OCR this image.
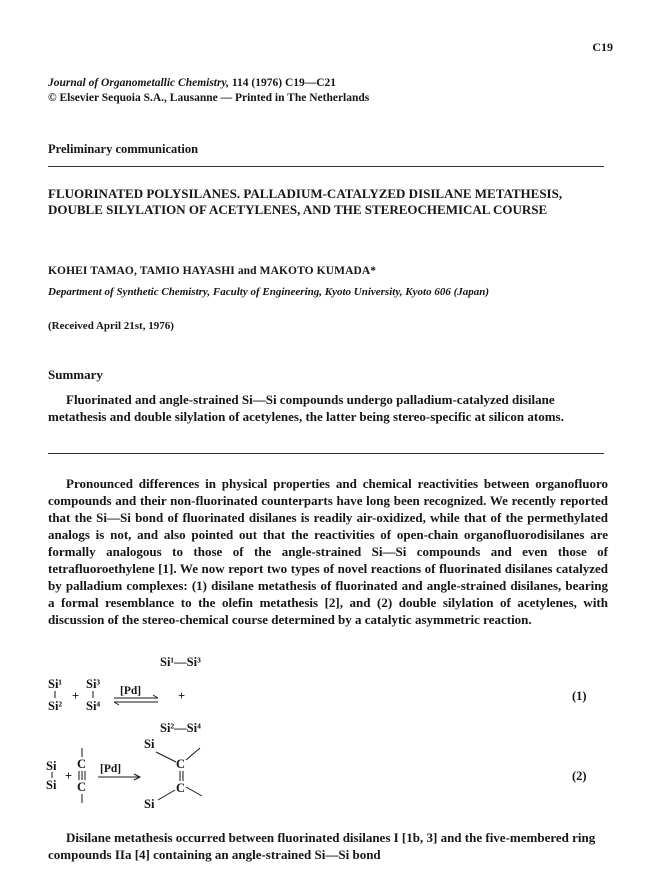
C19
Journal of Organometallic Chemistry, 114 (1976) C19—C21
© Elsevier Sequoia S.A., Lausanne — Printed in The Netherlands
Preliminary communication
FLUORINATED POLYSILANES. PALLADIUM-CATALYZED DISILANE METATHESIS, DOUBLE SILYLATION OF ACETYLENES, AND THE STEREOCHEMICAL COURSE
KOHEI TAMAO, TAMIO HAYASHI and MAKOTO KUMADA*
Department of Synthetic Chemistry, Faculty of Engineering, Kyoto University, Kyoto 606 (Japan)
(Received April 21st, 1976)
Summary
Fluorinated and angle-strained Si—Si compounds undergo palladium-catalyzed disilane metathesis and double silylation of acetylenes, the latter being stereo-specific at silicon atoms.
Pronounced differences in physical properties and chemical reactivities between organofluoro compounds and their non-fluorinated counterparts have long been recognized. We recently reported that the Si—Si bond of fluorinated disilanes is readily air-oxidized, while that of the permethylated analogs is not, and also pointed out that the reactivities of open-chain organofluorodisilanes are formally analogous to those of the angle-strained Si—Si compounds and even those of tetrafluoroethylene [1]. We now report two types of novel reactions of fluorinated disilanes catalyzed by palladium complexes: (1) disilane metathesis of fluorinated and angle-strained disilanes, bearing a formal resemblance to the olefin metathesis [2], and (2) double silylation of acetylenes, with discussion of the stereo-chemical course determined by a catalytic asymmetric reaction.
Si¹—Si³
Si¹
Si²
+
Si³
Si⁴
[Pd]	+
Si²—Si⁴
(1)
Si
Si
+
C
C
[Pd]
Si
C
C
Si
(2)
Disilane metathesis occurred between fluorinated disilanes I [1b, 3] and the five-membered ring compounds IIa [4] containing an angle-strained Si—Si bond
